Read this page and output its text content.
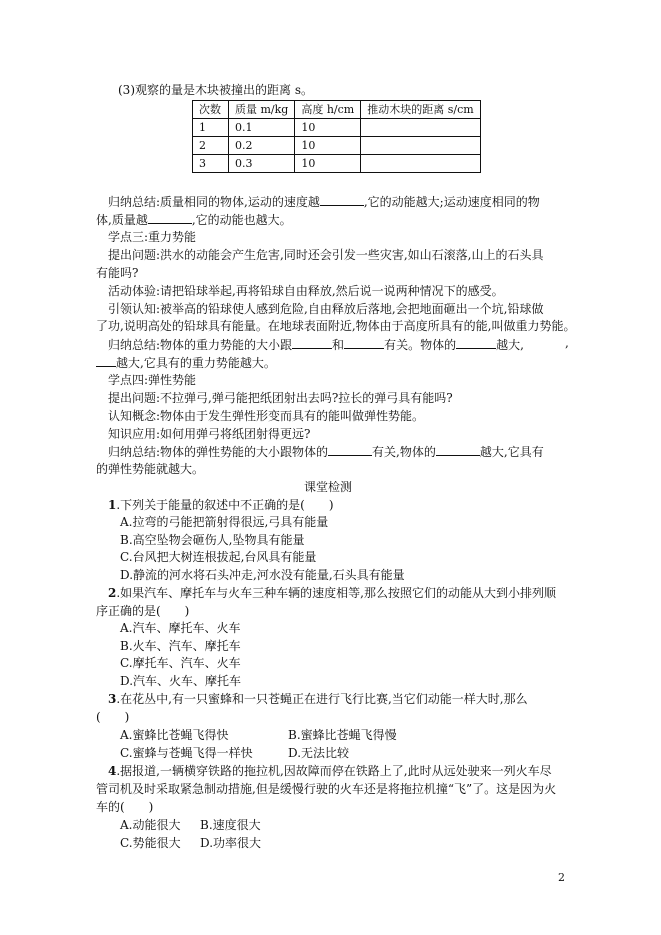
(3)观察的量是木块被撞出的距离 s。
次数	质量 m/kg	高度 h/cm	推动木块的距离 s/cm
1	0.1	10	
2	0.2	10	
3	0.3	10	
归纳总结:质量相同的物体,运动的速度越	,它的动能越大;运动速度相同的物
体,质量越	,它的动能也越大。
学点三:重力势能
提出问题:洪水的动能会产生危害,同时还会引发一些灾害,如山石滚落,山上的石头具
有能吗?
活动体验:请把铅球举起,再将铅球自由释放,然后说一说两种情况下的感受。
引领认知:被举高的铅球使人感到危险,自由释放后落地,会把地面砸出一个坑,铅球做
了功,说明高处的铅球具有能量。在地球表面附近,物体由于高度所具有的能,叫做重力势能。
归纳总结:物体的重力势能的大小跟	和	有关。物体的	越大,	,
越大,它具有的重力势能越大。
学点四:弹性势能
提出问题:不拉弹弓,弹弓能把纸团射出去吗?拉长的弹弓具有能吗?
认知概念:物体由于发生弹性形变而具有的能叫做弹性势能。
知识应用:如何用弹弓将纸团射得更远?
归纳总结:物体的弹性势能的大小跟物体的	有关,物体的	越大,它具有
的弹性势能就越大。
课堂检测
1.下列关于能量的叙述中不正确的是(　　)
A.拉弯的弓能把箭射得很远,弓具有能量
B.高空坠物会砸伤人,坠物具有能量
C.台风把大树连根拔起,台风具有能量
D.静流的河水将石头冲走,河水没有能量,石头具有能量
2.如果汽车、摩托车与火车三种车辆的速度相等,那么按照它们的动能从大到小排列顺
序正确的是(　　)
A.汽车、摩托车、火车
B.火车、汽车、摩托车
C.摩托车、汽车、火车
D.汽车、火车、摩托车
3.在花丛中,有一只蜜蜂和一只苍蝇正在进行飞行比赛,当它们动能一样大时,那么
(　　)
A.蜜蜂比苍蝇飞得快	B.蜜蜂比苍蝇飞得慢
C.蜜蜂与苍蝇飞得一样快	D.无法比较
4.据报道,一辆横穿铁路的拖拉机,因故障而停在铁路上了,此时从远处驶来一列火车尽
管司机及时采取紧急制动措施,但是缓慢行驶的火车还是将拖拉机撞“飞”了。这是因为火
车的(　　)
A.动能很大 B.速度很大
C.势能很大 D.功率很大
2
